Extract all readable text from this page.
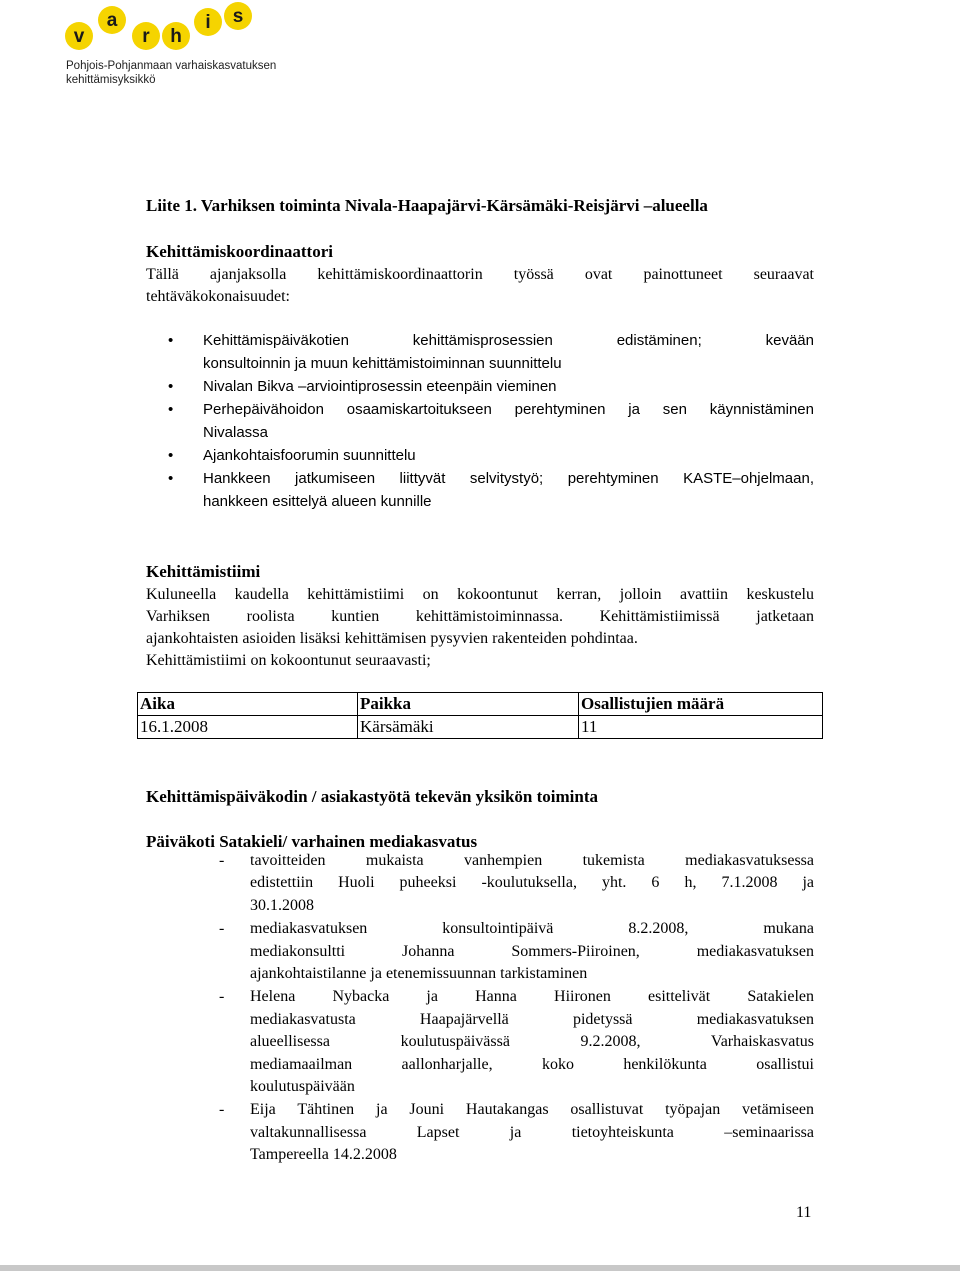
v
a
r h
i s
Pohjois-Pohjanmaan varhaiskasvatuksen
kehittämisyksikkö
Liite 1. Varhiksen toiminta Nivala-Haapajärvi-Kärsämäki-Reisjärvi –alueella
Kehittämiskoordinaattori
Tällä ajanjaksolla kehittämiskoordinaattorin työssä ovat painottuneet seuraavat
tehtäväkokonaisuudet:
• Kehittämispäiväkotien kehittämisprosessien edistäminen; kevään
konsultoinnin ja muun kehittämistoiminnan suunnittelu
• Nivalan Bikva –arviointiprosessin eteenpäin vieminen
• Perhepäivähoidon osaamiskartoitukseen perehtyminen ja sen käynnistäminen
Nivalassa
• Ajankohtaisfoorumin suunnittelu
• Hankkeen jatkumiseen liittyvät selvitystyö; perehtyminen KASTE–ohjelmaan,
hankkeen esittelyä alueen kunnille
Kehittämistiimi
Kuluneella kaudella kehittämistiimi on kokoontunut kerran, jolloin avattiin keskustelu
Varhiksen roolista kuntien kehittämistoiminnassa. Kehittämistiimissä jatketaan
ajankohtaisten asioiden lisäksi kehittämisen pysyvien rakenteiden pohdintaa.
Kehittämistiimi on kokoontunut seuraavasti;
Aika	Paikka	Osallistujien määrä
16.1.2008	Kärsämäki	11
Kehittämispäiväkodin / asiakastyötä tekevän yksikön toiminta
Päiväkoti Satakieli/ varhainen mediakasvatus
- tavoitteiden mukaista vanhempien tukemista mediakasvatuksessa
edistettiin Huoli puheeksi -koulutuksella, yht. 6 h, 7.1.2008 ja
30.1.2008
- mediakasvatuksen konsultointipäivä 8.2.2008, mukana
mediakonsultti Johanna Sommers-Piiroinen, mediakasvatuksen
ajankohtaistilanne ja etenemissuunnan tarkistaminen
- Helena Nybacka ja Hanna Hiironen esittelivät Satakielen
mediakasvatusta Haapajärvellä pidetyssä mediakasvatuksen
alueellisessa koulutuspäivässä 9.2.2008, Varhaiskasvatus
mediamaailman aallonharjalle, koko henkilökunta osallistui
koulutuspäivään
- Eija Tähtinen ja Jouni Hautakangas osallistuvat työpajan vetämiseen
valtakunnallisessa Lapset ja tietoyhteiskunta –seminaarissa
Tampereella 14.2.2008
11
